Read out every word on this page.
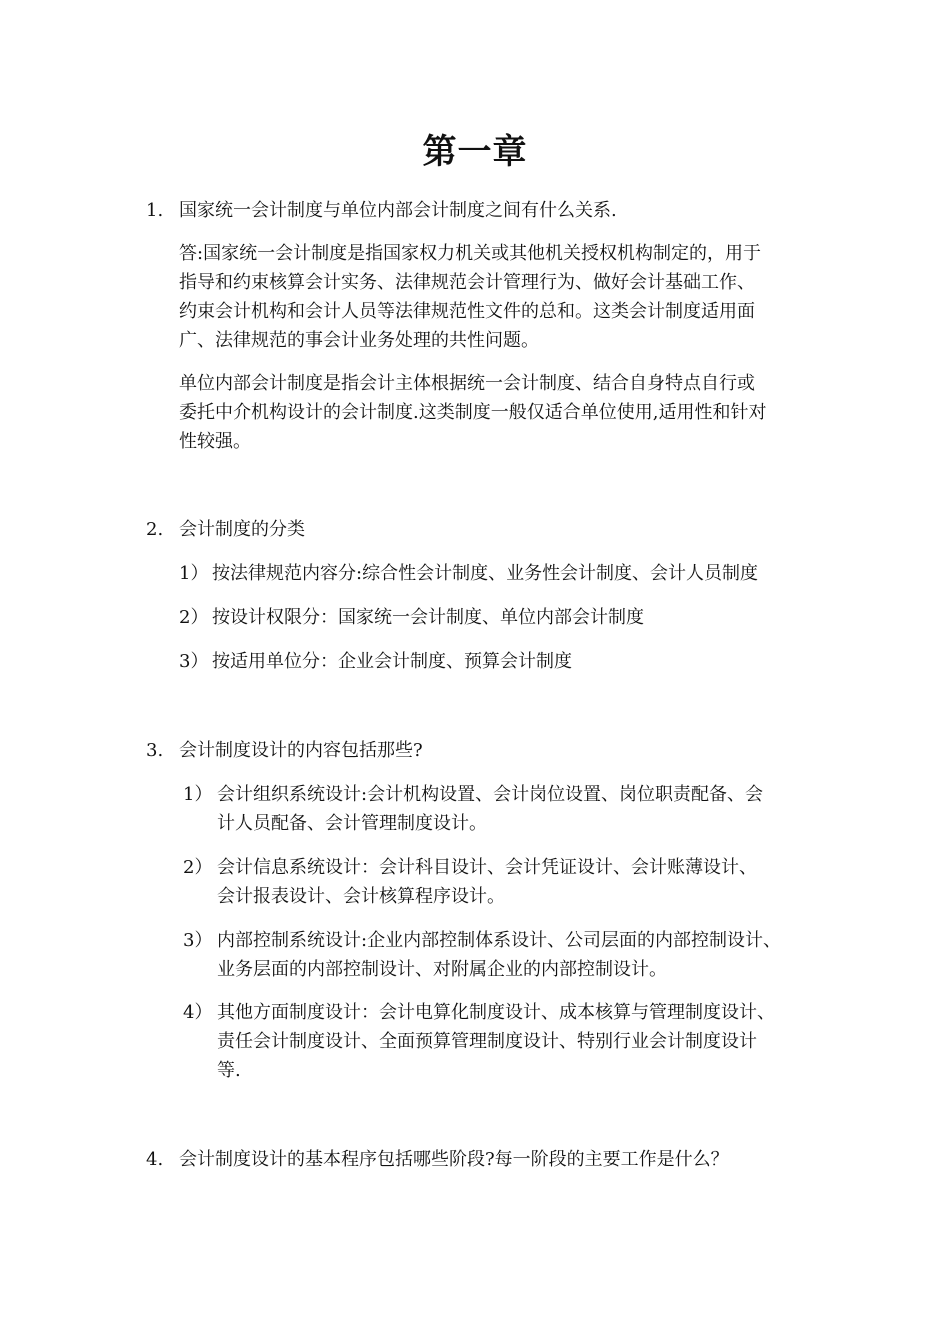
第一章
1. 国家统一会计制度与单位内部会计制度之间有什么关系.
答:国家统一会计制度是指国家权力机关或其他机关授权机构制定的，用于
指导和约束核算会计实务、法律规范会计管理行为、做好会计基础工作、
约束会计机构和会计人员等法律规范性文件的总和。这类会计制度适用面
广、法律规范的事会计业务处理的共性问题。
单位内部会计制度是指会计主体根据统一会计制度、结合自身特点自行或
委托中介机构设计的会计制度.这类制度一般仅适合单位使用,适用性和针对
性较强。
2. 会计制度的分类
1） 按法律规范内容分:综合性会计制度、业务性会计制度、会计人员制度
2） 按设计权限分：国家统一会计制度、单位内部会计制度
3） 按适用单位分：企业会计制度、预算会计制度
3. 会计制度设计的内容包括那些?
1） 会计组织系统设计:会计机构设置、会计岗位设置、岗位职责配备、会
计人员配备、会计管理制度设计。
2） 会计信息系统设计：会计科目设计、会计凭证设计、会计账薄设计、
会计报表设计、会计核算程序设计。
3） 内部控制系统设计:企业内部控制体系设计、公司层面的内部控制设计、
业务层面的内部控制设计、对附属企业的内部控制设计。
4） 其他方面制度设计：会计电算化制度设计、成本核算与管理制度设计、
责任会计制度设计、全面预算管理制度设计、特别行业会计制度设计
等.
4. 会计制度设计的基本程序包括哪些阶段?每一阶段的主要工作是什么？
